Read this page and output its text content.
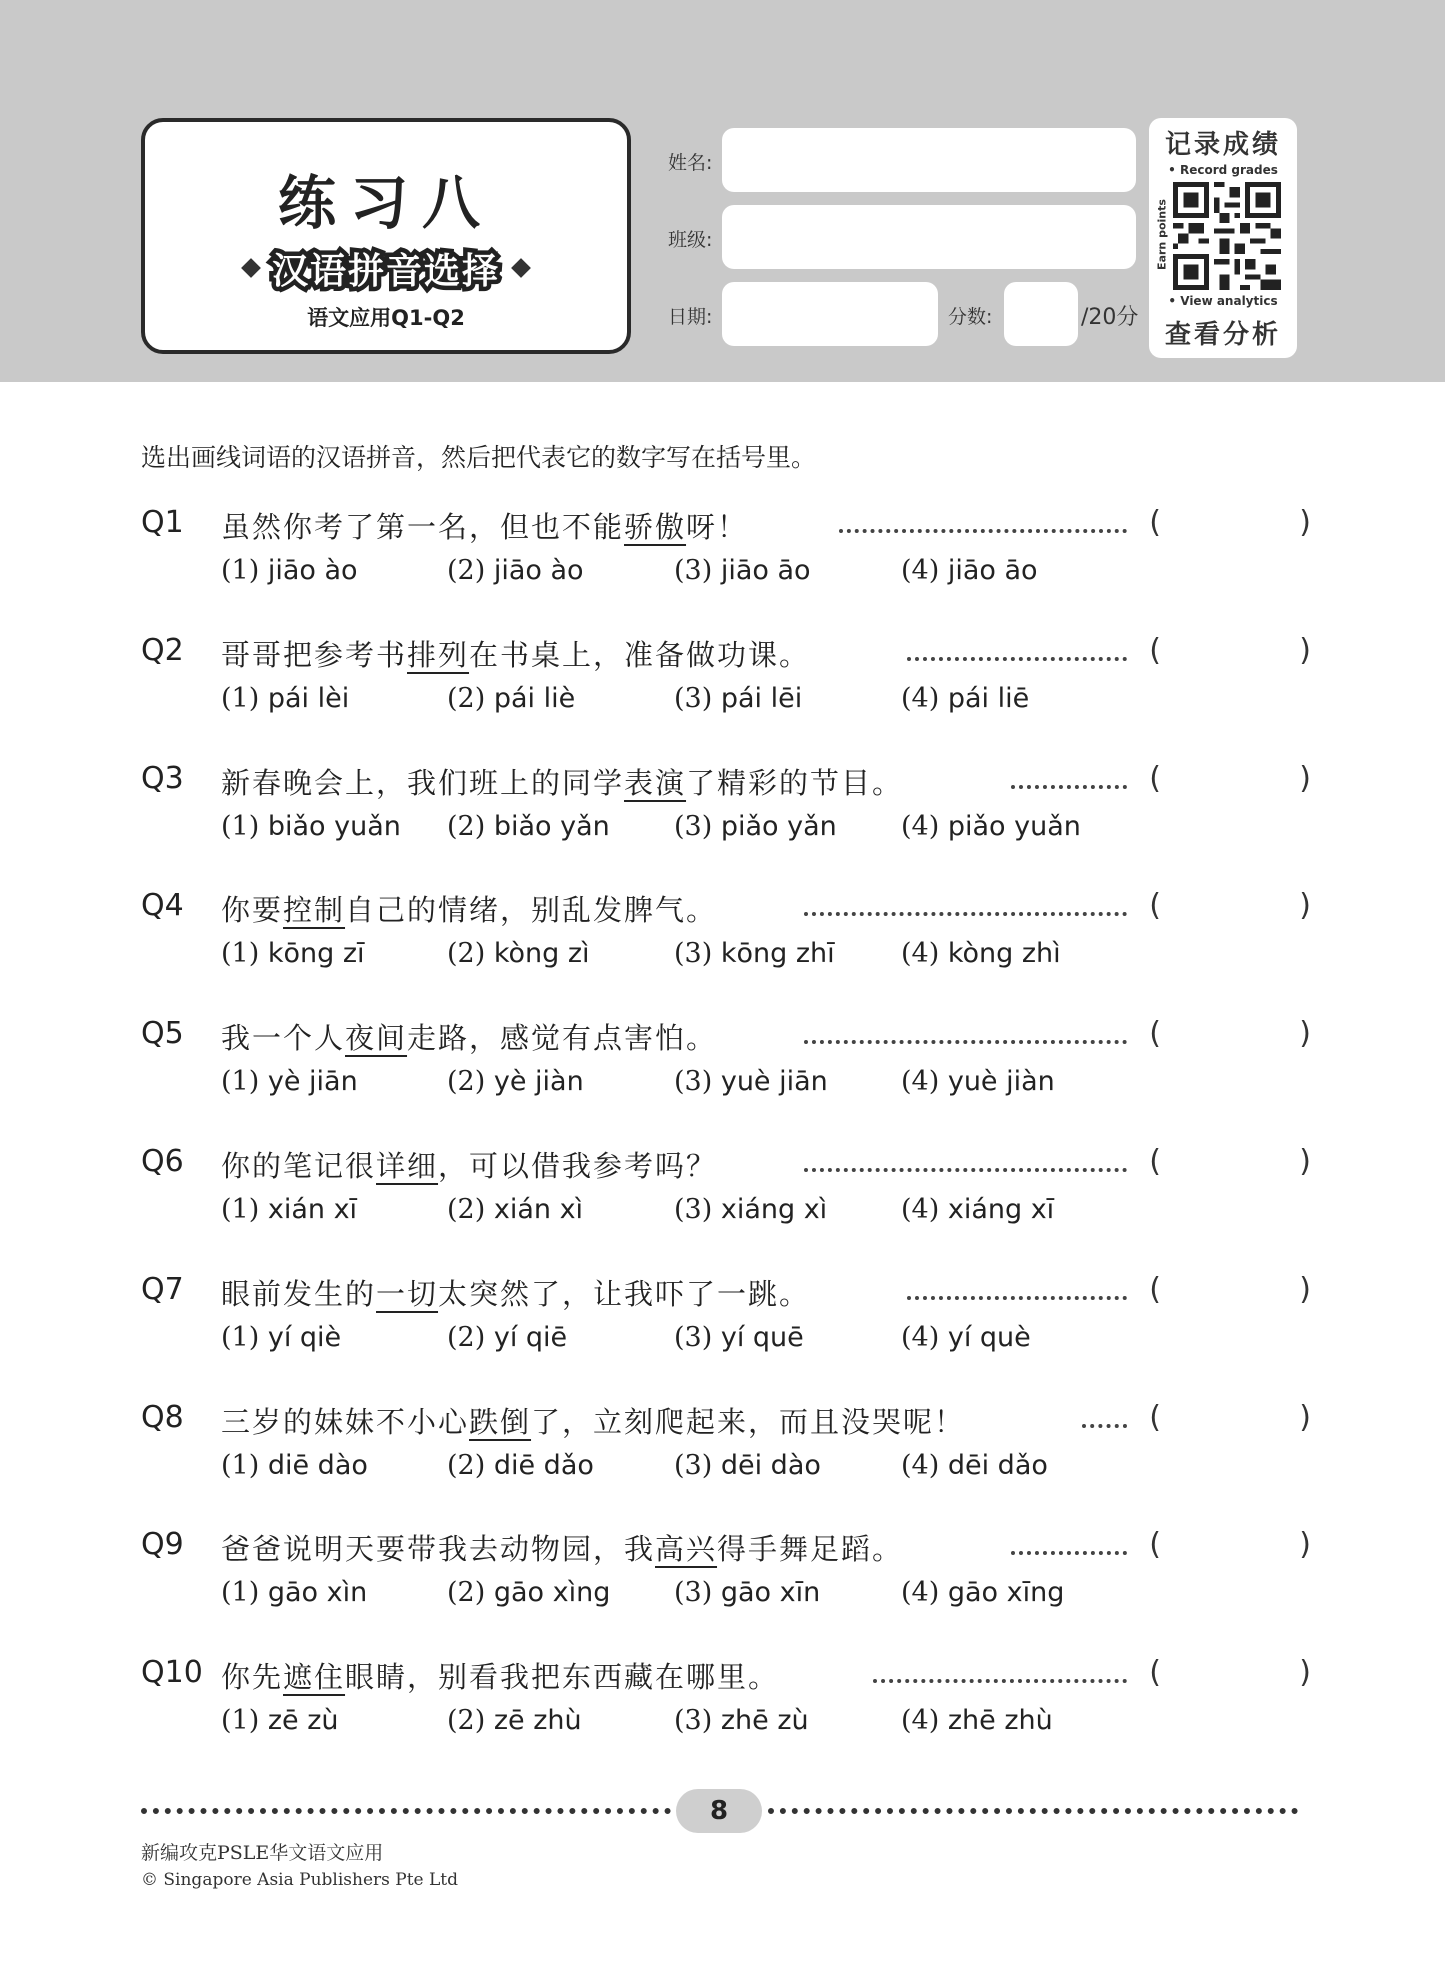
练习八
汉语拼音选择
语文应用Q1-Q2
姓名:
班级:
日期:	分数:	/20分
记录成绩
• Record grades
Earn points
• View analytics
查看分析
选出画线词语的汉语拼音，然后把代表它的数字写在括号里。
Q1 虽然你考了第一名，但也不能骄傲呀！	(	)
(1) jiāo ào	(2) jiāo ào	(3) jiāo āo	(4) jiāo āo
Q2 哥哥把参考书排列在书桌上，准备做功课。	(	)
(1) pái lèi	(2) pái liè	(3) pái lēi	(4) pái liē
Q3 新春晚会上，我们班上的同学表演了精彩的节目。	(	)
(1) biǎo yuǎn (2) biǎo yǎn (3) piǎo yǎn (4) piǎo yuǎn
Q4 你要控制自己的情绪，别乱发脾气。	(	)
(1) kōng zī	(2) kòng zì	(3) kōng zhī (4) kòng zhì
Q5 我一个人夜间走路，感觉有点害怕。	(	)
(1) yè jiān	(2) yè jiàn	(3) yuè jiān	(4) yuè jiàn
Q6 你的笔记很详细，可以借我参考吗？	(	)
(1) xián xī	(2) xián xì	(3) xiáng xì	(4) xiáng xī
Q7 眼前发生的一切太突然了，让我吓了一跳。	(	)
(1) yí qiè	(2) yí qiē	(3) yí quē	(4) yí què
Q8 三岁的妹妹不小心跌倒了，立刻爬起来，而且没哭呢！	(	)
(1) diē dào	(2) diē dǎo	(3) dēi dào	(4) dēi dǎo
Q9 爸爸说明天要带我去动物园，我高兴得手舞足蹈。	(	)
(1) gāo xìn	(2) gāo xìng (3) gāo xīn	(4) gāo xīng
Q10 你先遮住眼睛，别看我把东西藏在哪里。	(	)
(1) zē zù	(2) zē zhù	(3) zhē zù	(4) zhē zhù
8
新编攻克PSLE华文语文应用
© Singapore Asia Publishers Pte Ltd
